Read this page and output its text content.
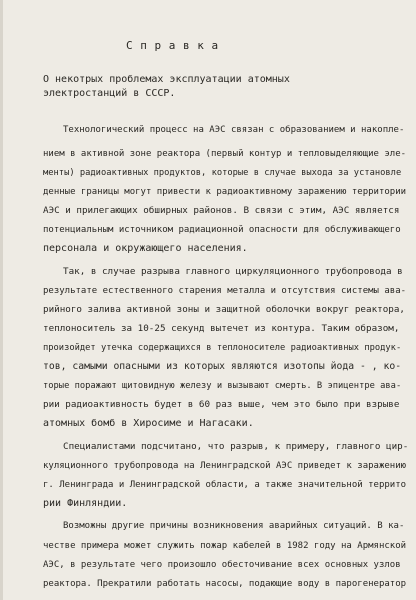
С п р а в к а
О некотрых проблемах эксплуатации атомных
электростанций в СССР.
Технологический процесс на АЭС связан с образованием и накопле-
нием в активной зоне реактора (первый контур и тепловыделяющие эле-
менты) радиоактивных продуктов, которые в случае выхода за установле
денные границы могут привести к радиоактивному заражению территории
АЭС и прилегающих обширных районов. В связи с этим, АЭС является
потенциальным источником радиационной опасности для обслуживающего
персонала и окружающего населения.
Так, в случае разрыва главного циркуляционного трубопровода в
результате естественного старения металла и отсутствия системы ава-
рийного залива активной зоны и защитной оболочки вокруг реактора,
теплоноситель за 10-25 секунд вытечет из контура. Таким образом,
произойдет утечка содержащихся в теплоносителе радиоактивных продук-
тов, самыми опасными из которых являются изотопы йода - , ко-
торые поражают щитовидную железу и вызывают смерть. В эпицентре ава-
рии радиоактивность будет в 60 раз выше, чем это было при взрыве
атомных бомб в Хиросиме и Нагасаки.
Специалистами подсчитано, что разрыв, к примеру, главного цир-
куляционного трубопровода на Ленинградской АЭС приведет к заражению
г. Ленинграда и Ленинградской области, а также значительной террито
рии Финляндии.
Возможны другие причины возникновения аварийных ситуаций. В ка-
честве примера может служить пожар кабелей в 1982 году на Армянской
АЭС, в результате чего произошло обесточивание всех основных узлов
реактора. Прекратили работать насосы, подающие воду в парогенератор
